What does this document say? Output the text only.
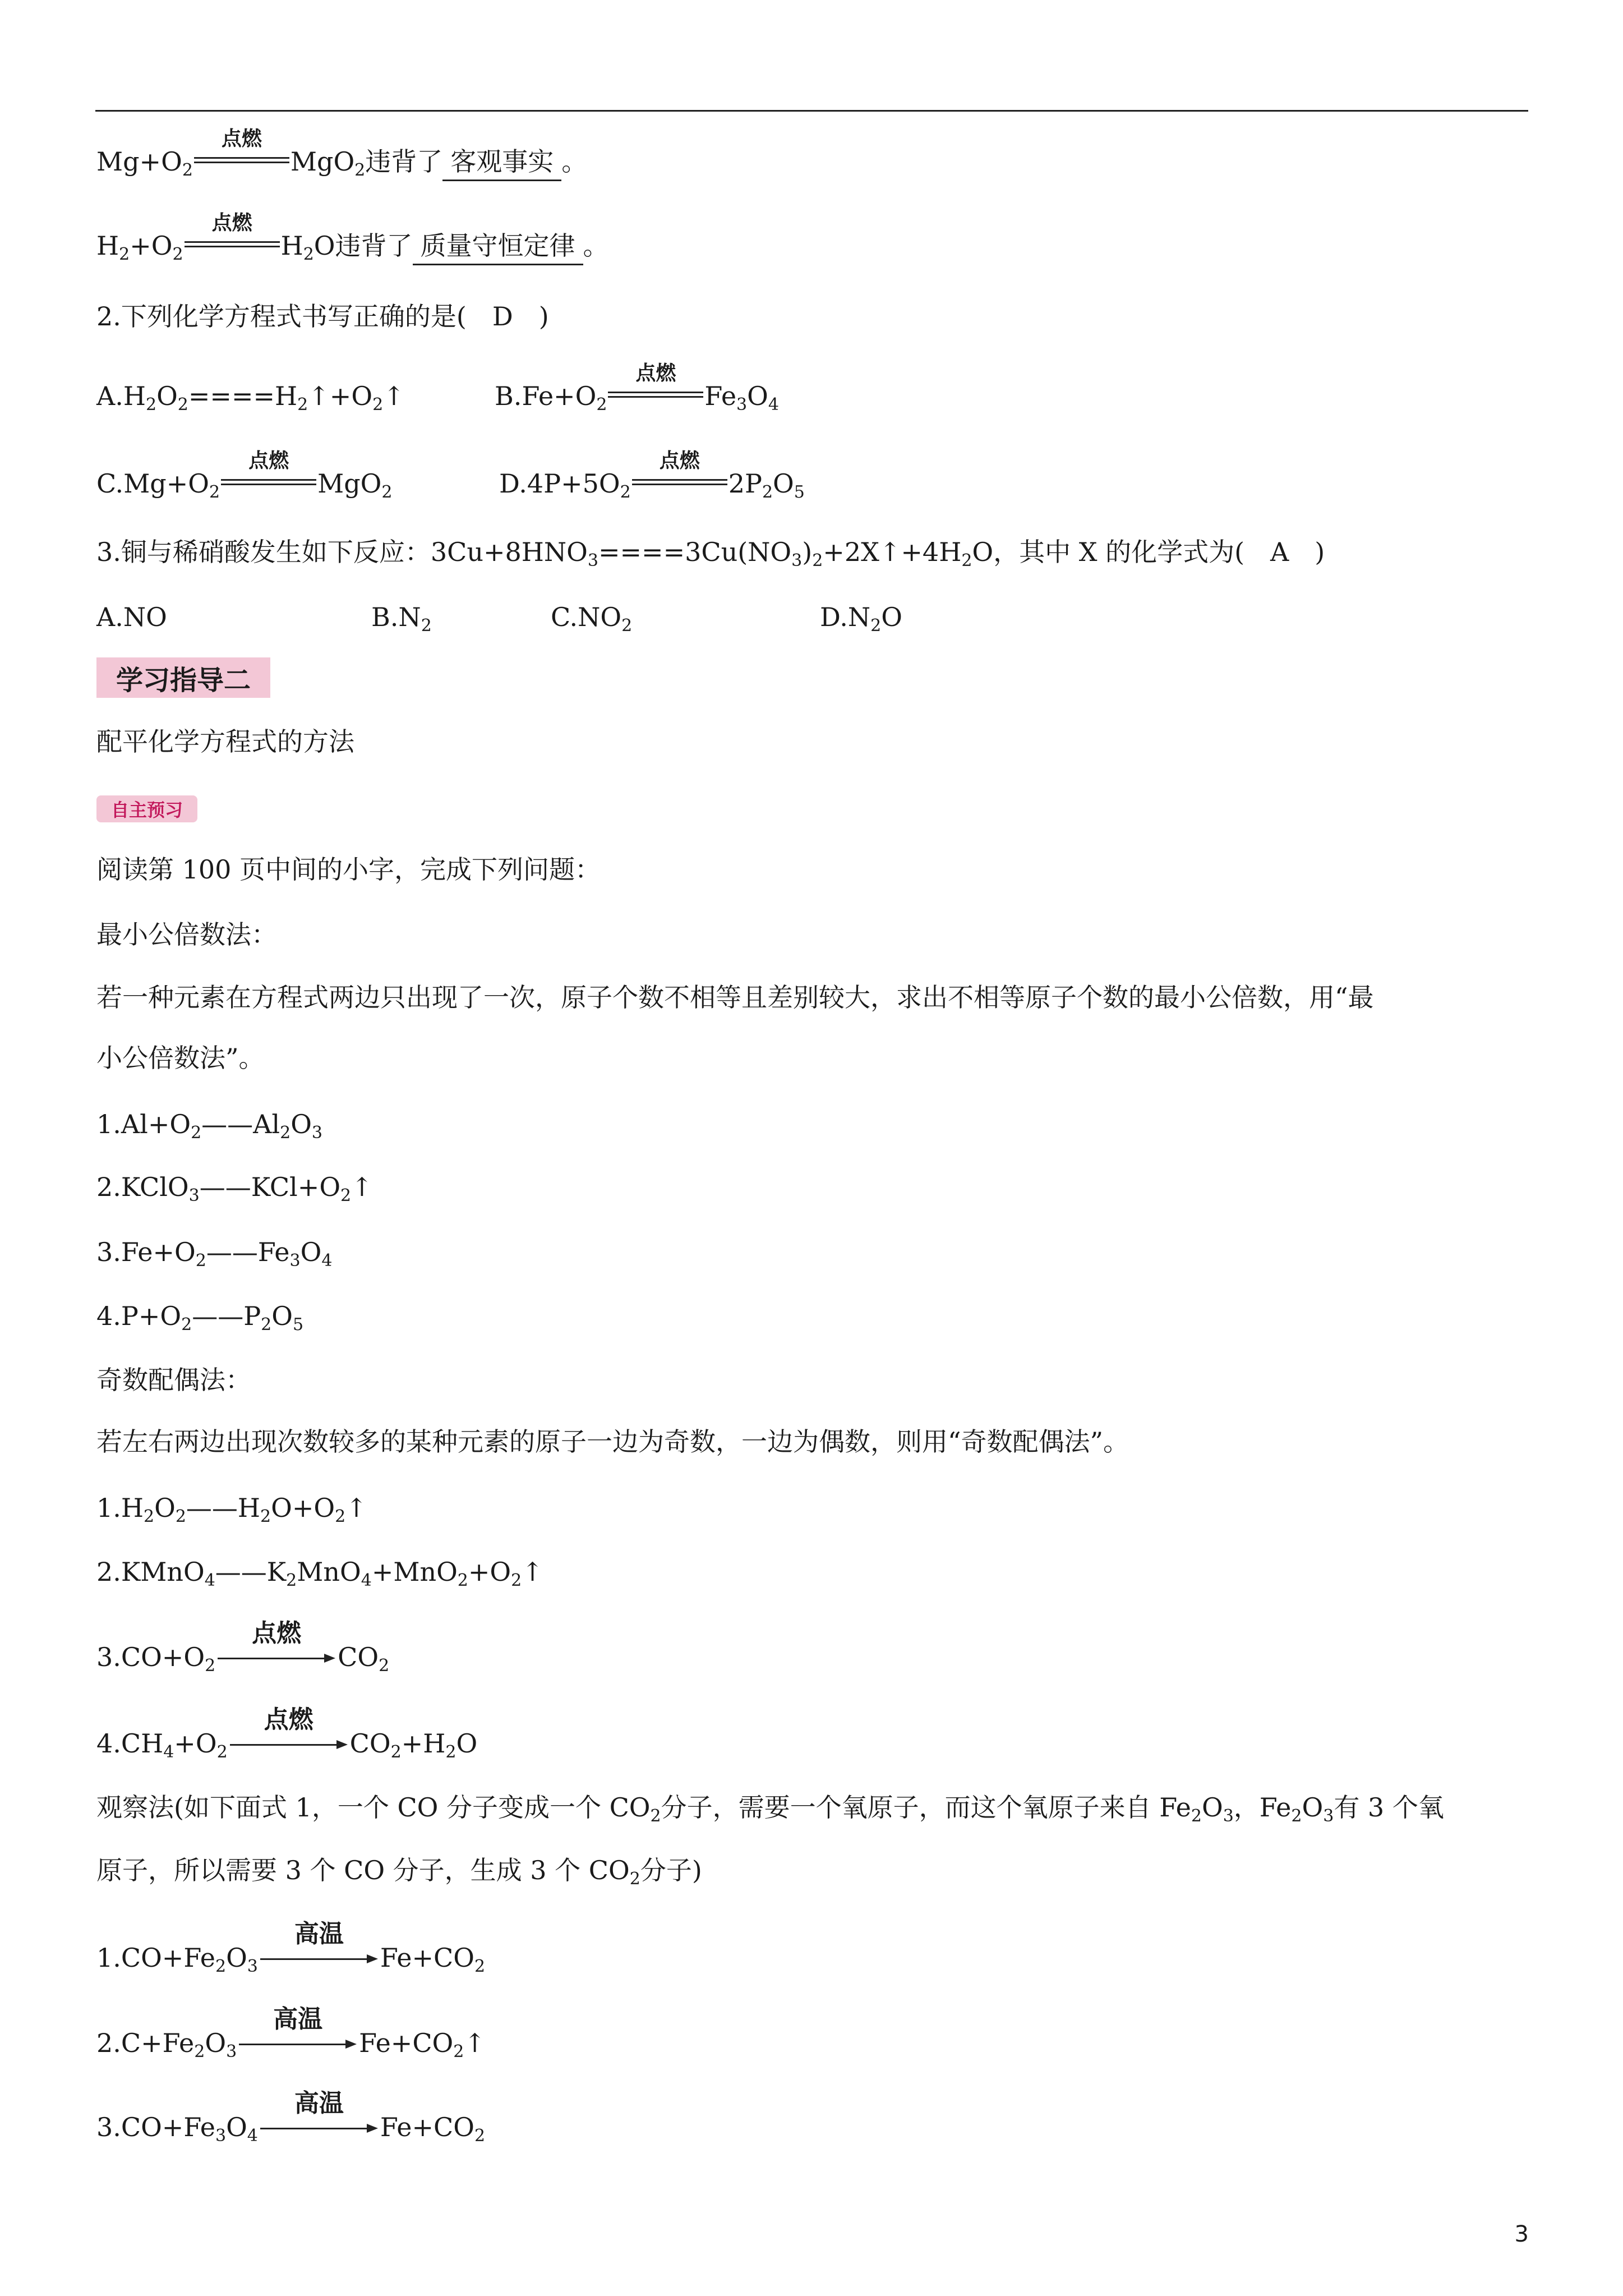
$Mg+O_2$
点燃
MgO$_2$违背了 客观事实 。
$H_2+O_2$
点燃
$H_2O$违背了 质量守恒定律 。
2.下列化学方程式书写正确的是(　D　)
$A.H_2O_2====H_2↑+O_2↑$	$B.Fe+O_2$
点燃
$Fe_3O_4$
$C.Mg+O_2$
点燃
MgO$_2$	$D.4P+5O_2$
点燃
$2P_2O_5$
3.铜与稀硝酸发生如下反应：$3Cu+8HNO_3====3Cu(NO_3)_2+2X↑+4H_2O$，其中 X 的化学式为(　A　)
A.NO	$B.N_2$	$C.NO_2$	$D.N_2O$
学习指导二
配平化学方程式的方法
自主预习
阅读第 100 页中间的小字，完成下列问题：
最小公倍数法：
若一种元素在方程式两边只出现了一次，原子个数不相等且差别较大，求出不相等原子个数的最小公倍数，用“最
小公倍数法”。
$1.Al+O_2——Al_2O_3$
$2.KClO_3——KCl+O_2↑$
$3.Fe+O_2——Fe_3O_4$
$4.P+O_2——P_2O_5$
奇数配偶法：
若左右两边出现次数较多的某种元素的原子一边为奇数，一边为偶数，则用“奇数配偶法”。
$1.H_2O_2——H_2O+O_2↑$
$2.KMnO_4——K_2MnO_4+MnO_2+O_2↑$
$3.CO+O_2$
点燃
$CO_2$
$4.CH_4+O_2$
点燃
$CO_2+H_2O$
观察法(如下面式 1，一个 CO 分子变成一个 $CO_2$分子，需要一个氧原子，而这个氧原子来自 $Fe_2O_3$，$Fe_2O_3$有 3 个氧
原子，所以需要 3 个 CO 分子，生成 3 个 $CO_2$分子)
$1.CO+Fe_2O_3$
高温
$Fe+CO_2$
$2.C+Fe_2O_3$
高温
$Fe+CO_2↑$
$3.CO+Fe_3O_4$
高温
$Fe+CO_2$
3
